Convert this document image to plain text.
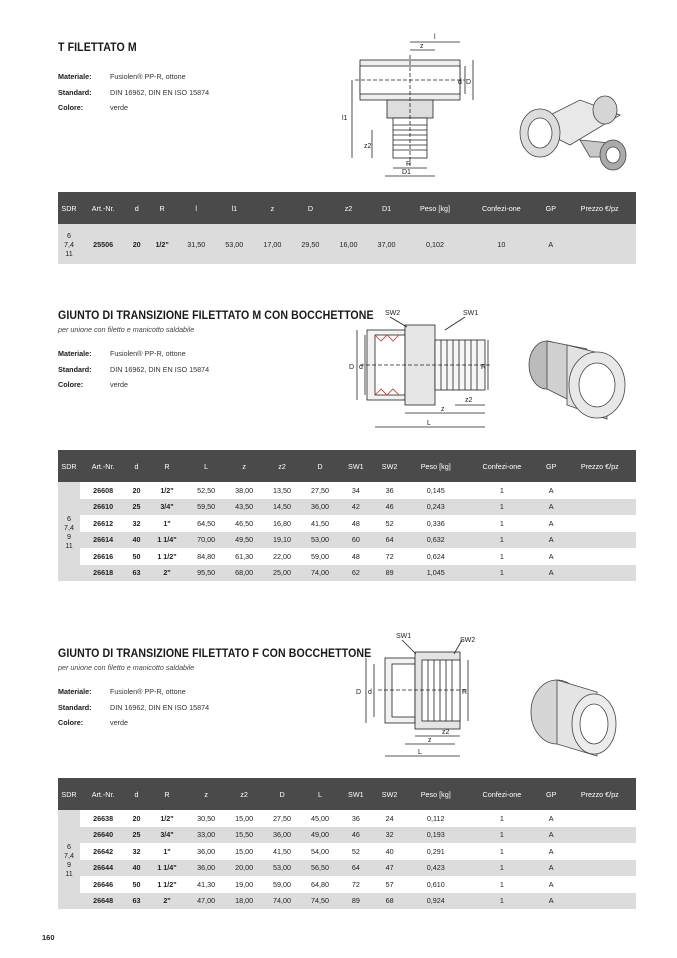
T FILETTATO M
Materiale:	Fusiolen® PP-R, ottone
Standard:	DIN 16962, DIN EN ISO 15874
Colore:	verde
l
z
d D
l1
z2
R
D1
SDR	Art.-Nr.	d	R	l	l1	z	D	z2	D1	Peso [kg]	Confezi-one	GP	Prezzo €/pz

6
7,4
11	25506	20	1/2"	31,50	53,00	17,00	29,50	16,00	37,00	0,102	10	A	
GIUNTO DI TRANSIZIONE FILETTATO M CON BOCCHETTONE
per unione con filetto e manicotto saldabile
Materiale:	Fusiolen® PP-R, ottone
Standard:	DIN 16962, DIN EN ISO 15874
Colore:	verde
SW2	SW1
D d	R
z2
z
L
SDR	Art.-Nr.	d	R	L	z	z2	D	SW1	SW2	Peso [kg]	Confezi-one	GP	Prezzo €/pz

6
7,4
9
11	26608	20	1/2"	52,50	38,00	13,50	27,50	34	36	0,145	1	A	
	26610	25	3/4"	59,50	43,50	14,50	36,00	42	46	0,243	1	A	
	26612	32	1"	64,50	46,50	16,80	41,50	48	52	0,336	1	A	
	26614	40	1 1/4"	70,00	49,50	19,10	53,00	60	64	0,632	1	A	
	26616	50	1 1/2"	84,80	61,30	22,00	59,00	48	72	0,624	1	A	
	26618	63	2"	95,50	68,00	25,00	74,00	62	89	1,045	1	A	
GIUNTO DI TRANSIZIONE FILETTATO F CON BOCCHETTONE
per unione con filetto e manicotto saldabile
Materiale:	Fusiolen® PP-R, ottone
Standard:	DIN 16962, DIN EN ISO 15874
Colore:	verde
SW1
SW2
D d	R
z2
z
L
SDR	Art.-Nr.	d	R	z	z2	D	L	SW1	SW2	Peso [kg]	Confezi-one	GP	Prezzo €/pz

6
7,4
9
11	26638	20	1/2"	30,50	15,00	27,50	45,00	36	24	0,112	1	A	
	26640	25	3/4"	33,00	15,50	36,00	49,00	46	32	0,193	1	A	
	26642	32	1"	36,00	15,00	41,50	54,00	52	40	0,291	1	A	
	26644	40	1 1/4"	36,00	20,00	53,00	56,50	64	47	0,423	1	A	
	26646	50	1 1/2"	41,30	19,00	59,00	64,80	72	57	0,610	1	A	
	26648	63	2"	47,00	18,00	74,00	74,50	89	68	0,924	1	A	
160
